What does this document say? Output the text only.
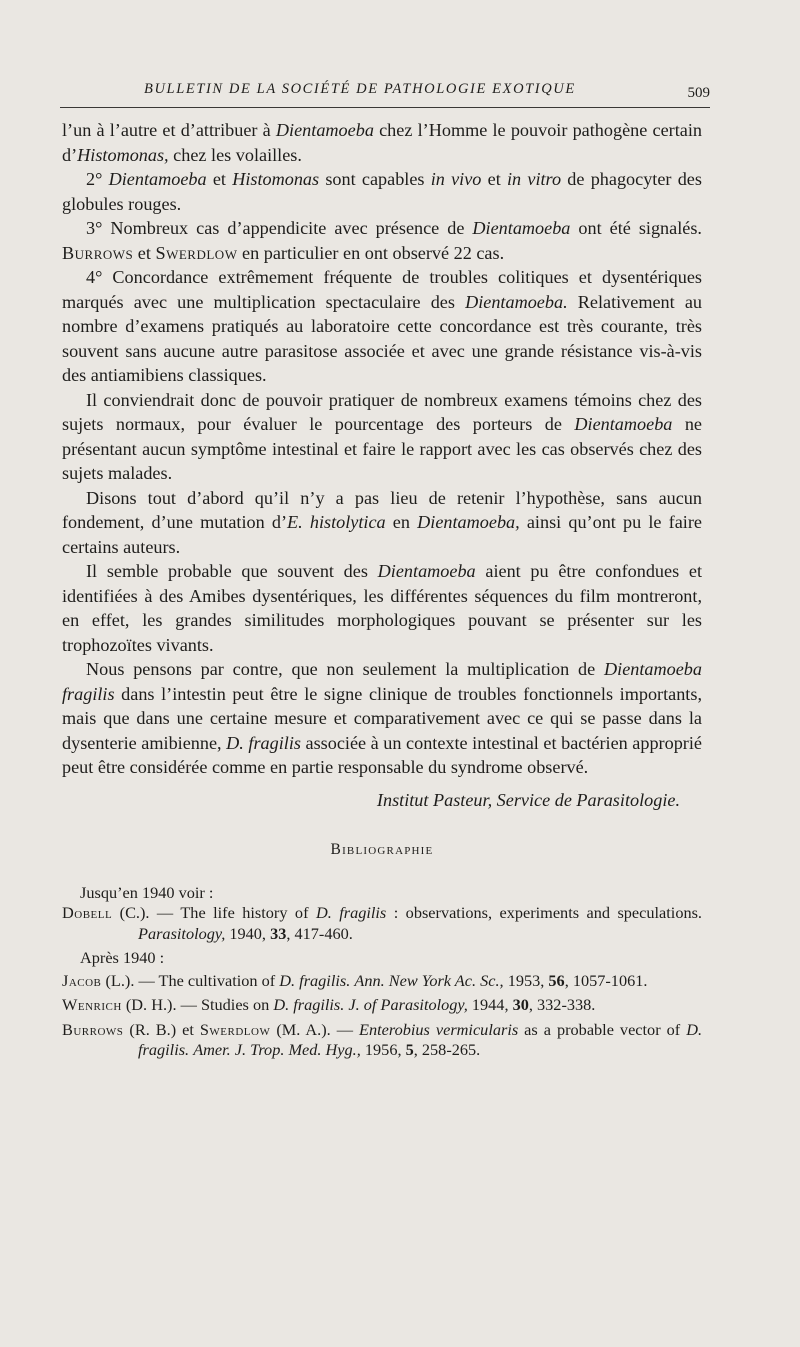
BULLETIN DE LA SOCIÉTÉ DE PATHOLOGIE EXOTIQUE	509

l’un à l’autre et d’attribuer à Dientamoeba chez l’Homme le pouvoir pathogène certain d’Histomonas, chez les volailles.

2° Dientamoeba et Histomonas sont capables in vivo et in vitro de phagocyter des globules rouges.

3° Nombreux cas d’appendicite avec présence de Dientamoeba ont été signalés. Burrows et Swerdlow en particulier en ont observé 22 cas.

4° Concordance extrêmement fréquente de troubles colitiques et dysentériques marqués avec une multiplication spectaculaire des Dientamoeba. Relativement au nombre d’examens pratiqués au laboratoire cette concordance est très courante, très souvent sans aucune autre parasitose associée et avec une grande résistance vis-à-vis des antiamibiens classiques.

Il conviendrait donc de pouvoir pratiquer de nombreux examens témoins chez des sujets normaux, pour évaluer le pourcentage des porteurs de Dientamoeba ne présentant aucun symptôme intestinal et faire le rapport avec les cas observés chez des sujets malades.

Disons tout d’abord qu’il n’y a pas lieu de retenir l’hypothèse, sans aucun fondement, d’une mutation d’E. histolytica en Dientamoeba, ainsi qu’ont pu le faire certains auteurs.

Il semble probable que souvent des Dientamoeba aient pu être confondues et identifiées à des Amibes dysentériques, les différentes séquences du film montreront, en effet, les grandes similitudes morphologiques pouvant se présenter sur les trophozoïtes vivants.

Nous pensons par contre, que non seulement la multiplication de Dientamoeba fragilis dans l’intestin peut être le signe clinique de troubles fonctionnels importants, mais que dans une certaine mesure et comparativement avec ce qui se passe dans la dysenterie amibienne, D. fragilis associée à un contexte intestinal et bactérien approprié peut être considérée comme en partie responsable du syndrome observé.

Institut Pasteur, Service de Parasitologie.

Bibliographie

Jusqu’en 1940 voir :

Dobell (C.). — The life history of D. fragilis : observations, experiments and speculations. Parasitology, 1940, 33, 417-460.

Après 1940 :

Jacob (L.). — The cultivation of D. fragilis. Ann. New York Ac. Sc., 1953, 56, 1057-1061.

Wenrich (D. H.). — Studies on D. fragilis. J. of Parasitology, 1944, 30, 332-338.

Burrows (R. B.) et Swerdlow (M. A.). — Enterobius vermicularis as a probable vector of D. fragilis. Amer. J. Trop. Med. Hyg., 1956, 5, 258-265.
